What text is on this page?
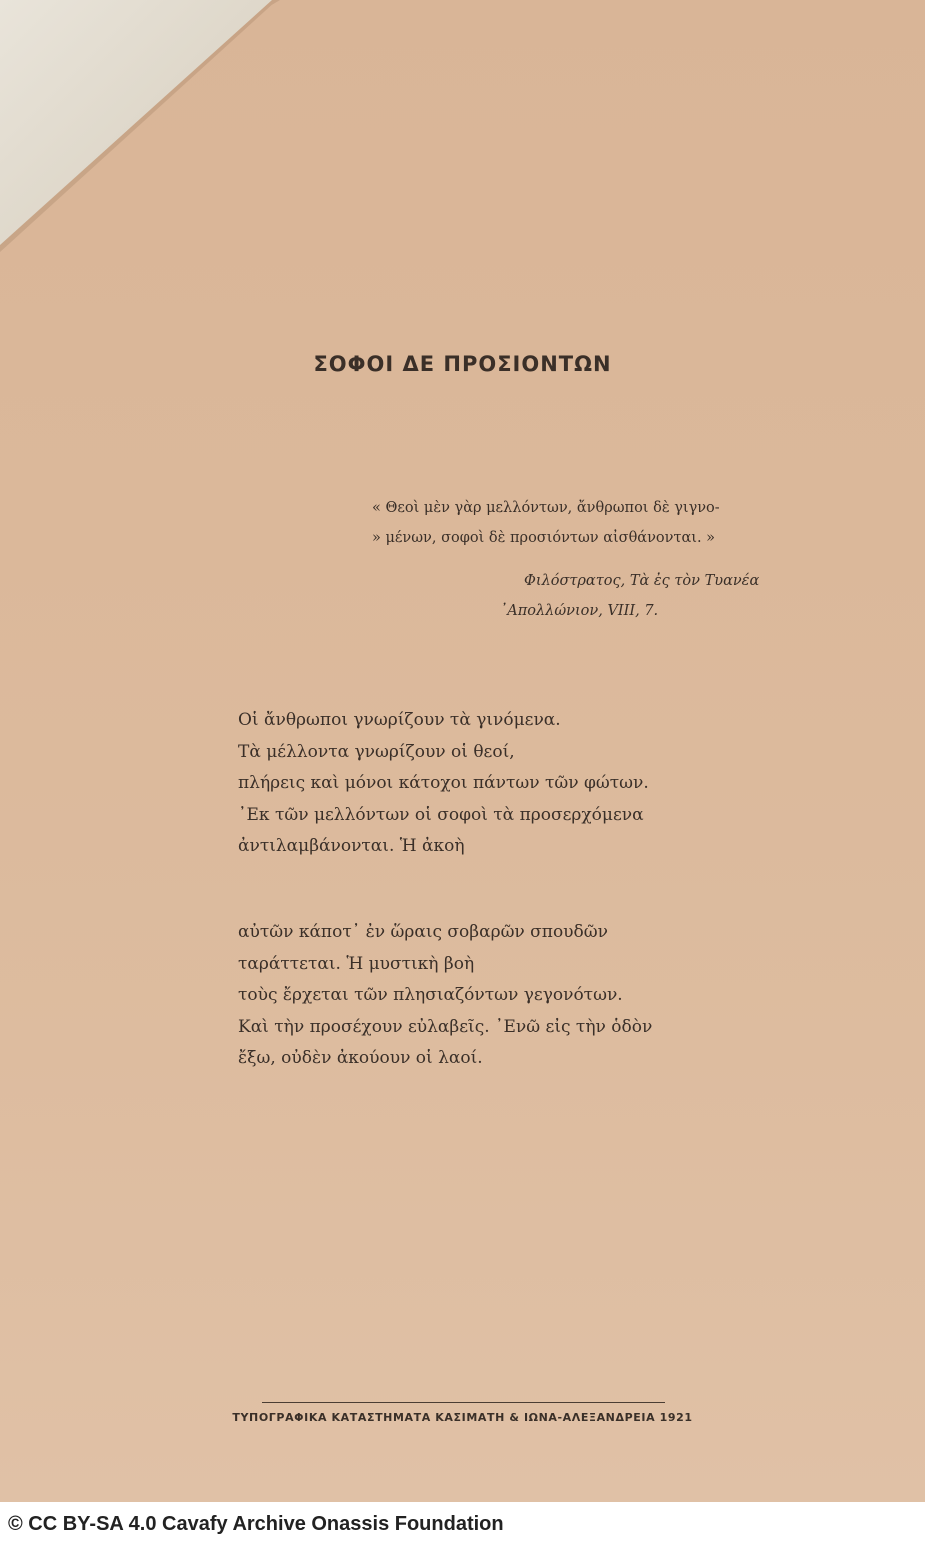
ΣΟΦΟΙ ΔΕ ΠΡΟΣΙΟΝΤΩΝ
« Θεοὶ μὲν γὰρ μελλόντων, ἄνθρωποι δὲ γιγνο-
» μένων, σοφοὶ δὲ προσιόντων αἰσθάνονται. »
Φιλόστρατος, Τὰ ἐς τὸν Τυανέα
᾿Απολλώνιον, VIII, 7.
Οἱ ἄνθρωποι γνωρίζουν τὰ γινόμενα.
Τὰ μέλλοντα γνωρίζουν οἱ θεοί,
πλήρεις καὶ μόνοι κάτοχοι πάντων τῶν φώτων.
᾿Εκ τῶν μελλόντων οἱ σοφοὶ τὰ προσερχόμενα
ἀντιλαμβάνονται. Ἡ ἀκοὴ
αὐτῶν κάποτ᾿ ἐν ὥραις σοβαρῶν σπουδῶν
ταράττεται. Ἡ μυστικὴ βοὴ
τοὺς ἔρχεται τῶν πλησιαζόντων γεγονότων.
Καὶ τὴν προσέχουν εὐλαβεῖς. ᾿Ενῶ εἰς τὴν ὁδὸν
ἔξω, οὐδὲν ἀκούουν οἱ λαοί.
ΤΥΠΟΓΡΑΦΙΚΑ ΚΑΤΑΣΤΗΜΑΤΑ ΚΑΣΙΜΑΤΗ & ΙΩΝΑ-ΑΛΕΞΑΝΔΡΕΙΑ 1921
© CC BY-SA 4.0 Cavafy Archive Onassis Foundation
